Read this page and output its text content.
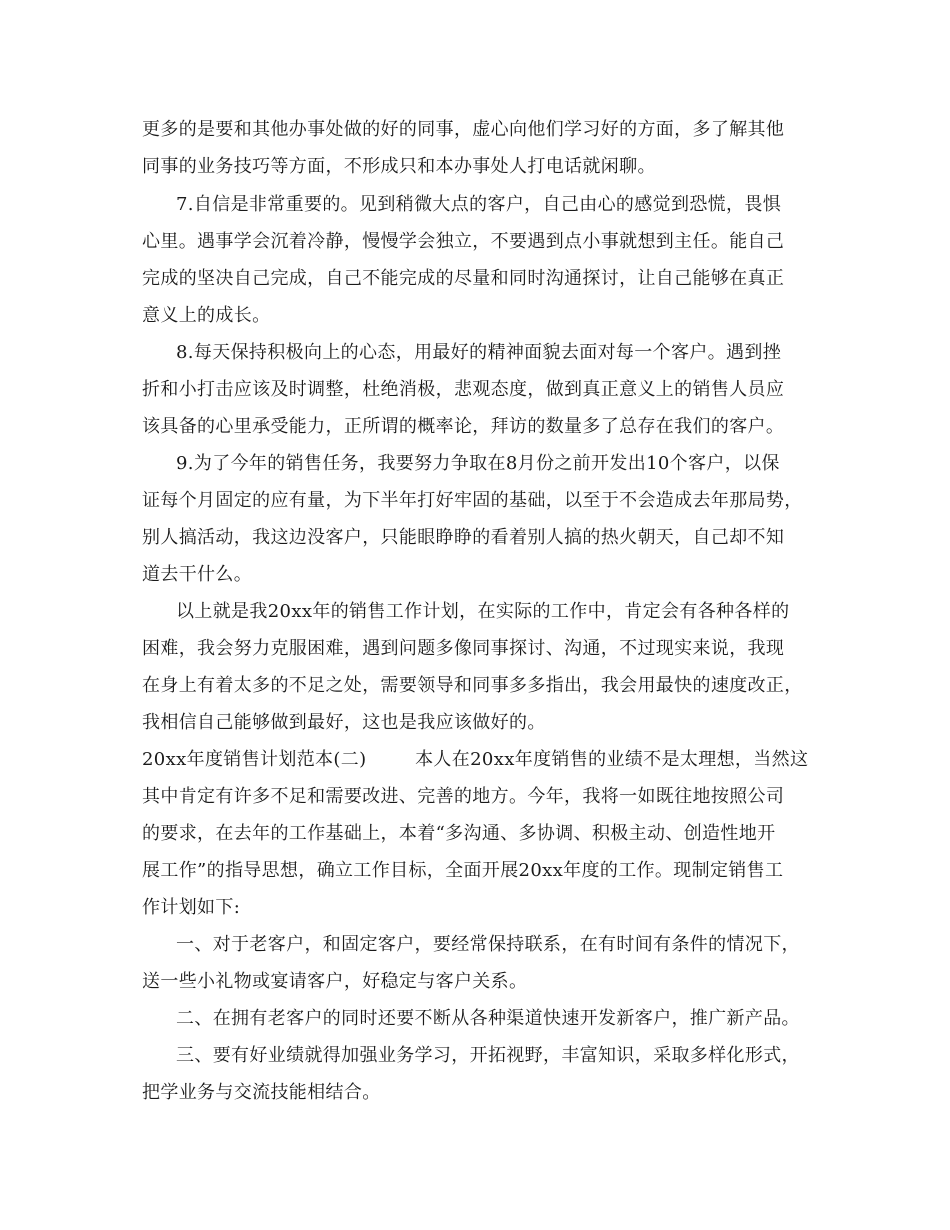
更多的是要和其他办事处做的好的同事，虚心向他们学习好的方面，多了解其他
同事的业务技巧等方面，不形成只和本办事处人打电话就闲聊。
7.自信是非常重要的。见到稍微大点的客户，自己由心的感觉到恐慌，畏惧
心里。遇事学会沉着冷静，慢慢学会独立，不要遇到点小事就想到主任。能自己
完成的坚决自己完成，自己不能完成的尽量和同时沟通探讨，让自己能够在真正
意义上的成长。
8.每天保持积极向上的心态，用最好的精神面貌去面对每一个客户。遇到挫
折和小打击应该及时调整，杜绝消极，悲观态度，做到真正意义上的销售人员应
该具备的心里承受能力，正所谓的概率论，拜访的数量多了总存在我们的客户。
9.为了今年的销售任务，我要努力争取在8月份之前开发出10个客户，以保
证每个月固定的应有量，为下半年打好牢固的基础，以至于不会造成去年那局势，
别人搞活动，我这边没客户，只能眼睁睁的看着别人搞的热火朝天，自己却不知
道去干什么。
以上就是我20xx年的销售工作计划，在实际的工作中，肯定会有各种各样的
困难，我会努力克服困难，遇到问题多像同事探讨、沟通，不过现实来说，我现
在身上有着太多的不足之处，需要领导和同事多多指出，我会用最快的速度改正，
我相信自己能够做到最好，这也是我应该做好的。
20xx年度销售计划范本(二)        本人在20xx年度销售的业绩不是太理想，当然这
其中肯定有许多不足和需要改进、完善的地方。今年，我将一如既往地按照公司
的要求，在去年的工作基础上，本着“多沟通、多协调、积极主动、创造性地开
展工作”的指导思想，确立工作目标，全面开展20xx年度的工作。现制定销售工
作计划如下:
一、对于老客户，和固定客户，要经常保持联系，在有时间有条件的情况下，
送一些小礼物或宴请客户，好稳定与客户关系。
二、在拥有老客户的同时还要不断从各种渠道快速开发新客户，推广新产品。
三、要有好业绩就得加强业务学习，开拓视野，丰富知识，采取多样化形式，
把学业务与交流技能相结合。
